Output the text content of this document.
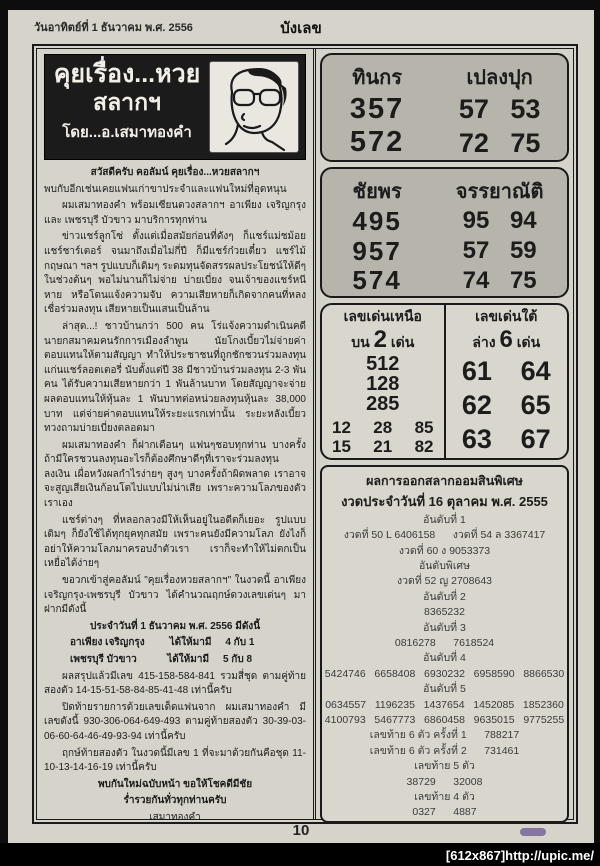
วันอาทิตย์ที่ 1 ธันวาคม พ.ศ. 2556	บังเลข
คุยเรื่อง...หวย
สลากฯ
โดย...อ.เสมาทองคำ

สวัสดีครับ คอลัมน์ คุยเรื่อง...หวยสลากฯ

พบกับอีกเช่นเคยแฟนเก่าขาประจำและแฟนใหม่ที่อุดหนุน

ผมเสมาทองคำ พร้อมเซียนดวงสลากฯ อาเพียง เจริญกรุง และ เพชรบุรี บัวขาว มาบริการทุกท่าน

ข่าวแชร์ลูกโซ่ ตั้งแต่เมื่อสมัยก่อนที่ดังๆ ก็แชร์แม่ชม้อย แชร์ชาร์เตอร์ จนมาถึงเมื่อไม่กี่ปี ก็มีแชร์ก๋วยเตี๋ยว แชร์ไม้กฤษณา ฯลฯ รูปแบบก็เดิมๆ ระดมทุนจัดสรรผลประโยชน์ให้ดีๆ ในช่วงต้นๆ พอไม่นานก็ไม่จ่าย บ่ายเบี่ยง จนเจ้าของแชร์หนีหาย หรือโดนแจ้งความจับ ความเสียหายก็เกิดจากคนที่หลงเชื่อร่วมลงทุน เสียหายเป็นแสนเป็นล้าน

ล่าสุด...! ชาวบ้านกว่า 500 คน โร่แจ้งความดำเนินคดีนายกสมาคมคนรักการเมืองลำพูน นัยโกงเบี้ยวไม่จ่ายค่าตอบแทนให้ตามสัญญา ทำให้ประชาชนที่ถูกชักชวนร่วมลงทุนแก่นแชร์ลอตเตอรี่ นับตั้งแต่ปี 38 มีชาวบ้านร่วมลงทุน 2-3 พันคน ได้รับความเสียหายกว่า 1 พันล้านบาท โดยสัญญาจะจ่ายผลตอบแทนให้หุ้นละ 1 พันบาทต่อหน่วยลงทุนหุ้นละ 38,000 บาท แต่จ่ายค่าตอบแทนให้ระยะแรกเท่านั้น ระยะหลังเบี้ยว ทวงถามบ่ายเบี่ยงตลอดมา

ผมเสมาทองคำ ก็ฝากเตือนๆ แฟนๆชอบทุกท่าน บางครั้งถ้ามีใครชวนลงทุนอะไรก็ต้องศึกษาดีๆที่เราจะร่วมลงทุน ลงเงิน เผื่อหวังผลกำไรง่ายๆ สูงๆ บางครั้งถ้าผิดพลาด เราอาจจะสูญเสียเงินก้อนโตไปแบบไม่น่าเสีย เพราะความโลภของตัวเราเอง

แชร์ต่างๆ ที่หลอกลวงมีให้เห็นอยู่ในอดีตก็เยอะ รูปแบบเดิมๆ ก็ยังใช้ได้ทุกยุคทุกสมัย เพราะคนยังมีความโลภ ยังไงก็อย่าให้ความโลภมาครอบงำตัวเรา เราก็จะทำให้ไม่ตกเป็นเหยื่อได้ง่ายๆ

ขอวกเข้าสู่คอลัมน์ "คุยเรื่องหวยสลากฯ" ในงวดนี้ อาเพียง เจริญกรุง-เพชรบุรี บัวขาว ได้คำนวณฤกษ์ดวงเลขเด่นๆ มาฝากมีดังนี้

ประจำวันที่ 1 ธันวาคม พ.ศ. 2556 มีดังนี้

อาเพียง เจริญกรุง         ได้ให้มามี     4 กับ 1

เพชรบุรี บัวขาว           ได้ให้มามี     5 กับ 8

ผลสรุปแล้วมีเลข 415-158-584-841 รวมสี่ชุด ตามคู่ท้ายสองตัว 14-15-51-58-84-85-41-48 เท่านี้ครับ

ปิดท้ายรายการด้วยเลขเด็ดแฟนจาก ผมเสมาทองคำ มีเลขดังนี้ 930-306-064-649-493 ตามคู่ท้ายสองตัว 30-39-03-06-60-64-46-49-93-94 เท่านี้ครับ

ฤกษ์ท้ายสองตัว ในงวดนี้มีเลข 1 ที่จะมาด้วยกันคือชุด 11-10-13-14-16-19 เท่านี้ครับ

พบกันใหม่ฉบับหน้า ขอให้โชคดีมีชัย

ร่ำรวยกันทั่วทุกท่านครับ

เสมาทองคำ

ทินกร	เปลงปุก
357	57 53
572	72 75
ชัยพร	จรรยาณัติ
495	95 94
957	57 59
574	74 75
เลขเด่นเหนือ
บน 2 เด่น
512
128
285
12 28 85
15 21 82
เลขเด่นใต้
ล่าง 6 เด่น
61 64
62 65
63 67
ผลการออกสลากออมสินพิเศษ
งวดประจำวันที่ 16 ตุลาคม พ.ศ. 2555
อันดับที่ 1
งวดที่ 50 L 6406158      งวดที่ 54 ล 3367417
งวดที่ 60 ง 9053373
อันดับพิเศษ
งวดที่ 52 ญ 2708643
อันดับที่ 2
8365232
อันดับที่ 3
0816278      7618524
อันดับที่ 4
5424746   6658408   6930232   6958590   8866530
อันดับที่ 5
0634557   1196235   1437654   1452085   1852360
4100793   5467773   6860458   9635015   9775255
เลขท้าย 6 ตัว ครั้งที่ 1      788217
เลขท้าย 6 ตัว ครั้งที่ 2      731461
เลขท้าย 5 ตัว
38729      32008
เลขท้าย 4 ตัว
0327      4887
10
[612x867]http://upic.me/
